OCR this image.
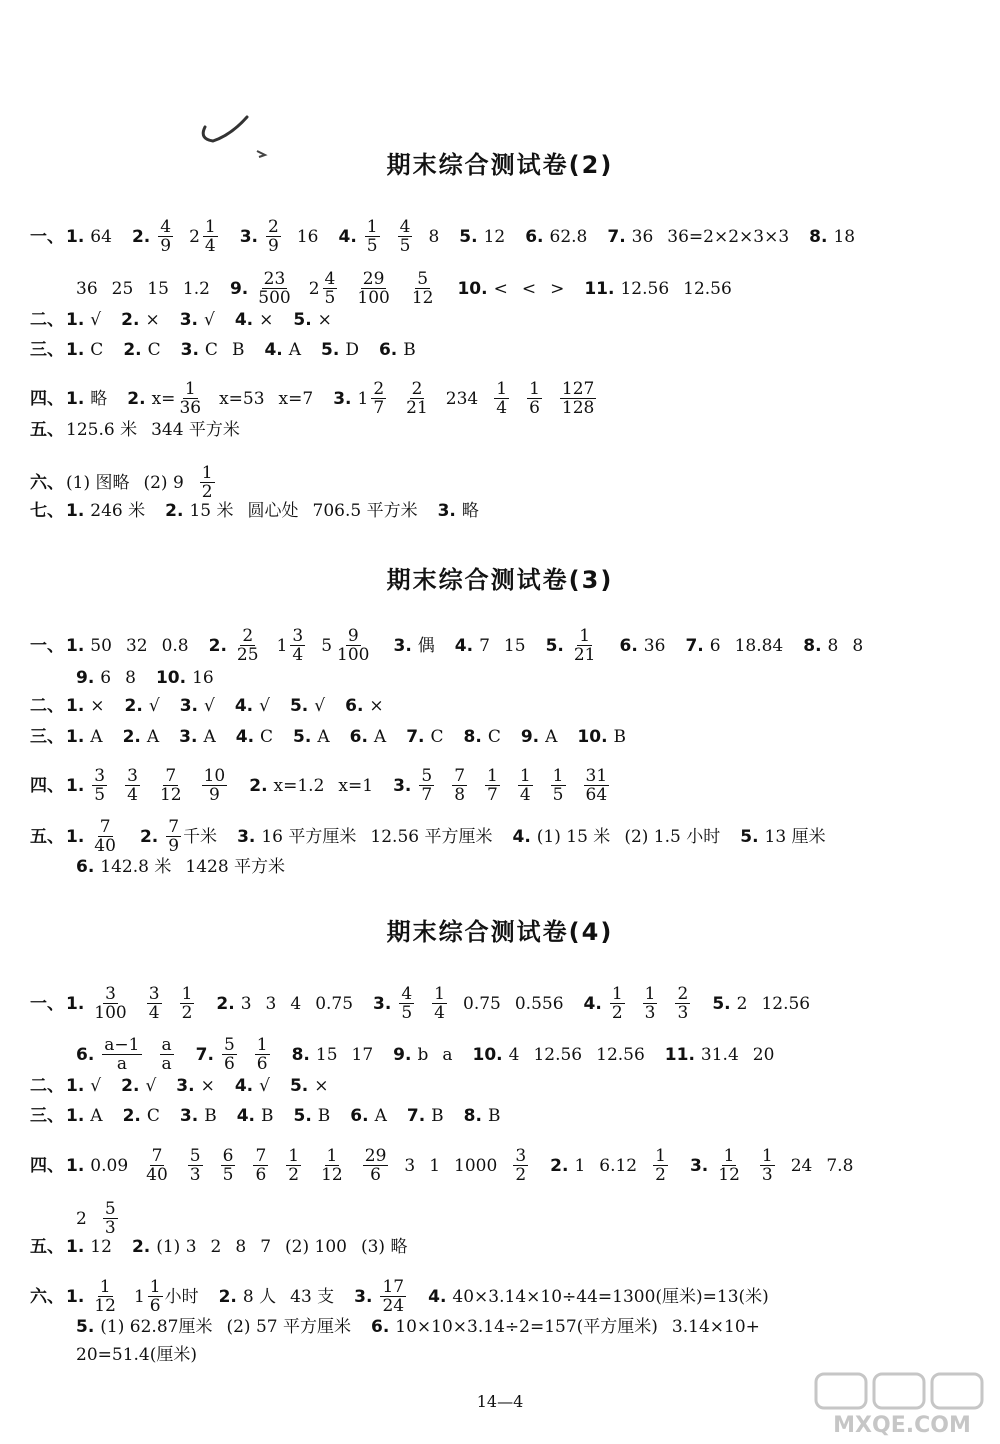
期末综合测试卷(2)
一、 1. 64 2. $\frac{4}{9} 2 \frac{1}{4} 3$. $\frac{2}{9} 16$ 4. $\frac{1}{5} \frac{4}{5} 8$ 5. 12 6. 62.8 7. 36 36=2×2×3×3 8. 18
36 25 15 1.2 9. $\frac{23}{500} 2 \frac{4}{5} \frac{29}{100} \frac{5}{12} 10$. < < > 11. 12.56 12.56
二、 1. √ 2. × 3. √ 4. × 5. ×
三、 1. C 2. C 3. C B 4. A 5. D 6. B
四、 1. 略 2. $x= \frac{1}{36} x=53$ x=7 3. $1 \frac{2}{7} \frac{2}{21} 234 \frac{1}{4} \frac{1}{6} \frac{127}{128}$
五、 125.6 米 344 平方米
六、 (1) 图略 (2) $9 \frac{1}{2}$
七、 1. 246 米 2. 15 米 圆心处 706.5 平方米 3. 略
期末综合测试卷(3)
一、 1. 50 32 0.8 2. $\frac{2}{25} 1 \frac{3}{4} 5 \frac{9}{100} 3$. 偶 4. 7 15 5. $\frac{1}{21} 6$. 36 7. 6 18.84 8. 8 8
9. 6 8 10. 16
二、 1. × 2. √ 3. √ 4. √ 5. √ 6. ×
三、 1. A 2. A 3. A 4. C 5. A 6. A 7. C 8. C 9. A 10. B
四、 1. $\frac{3}{5} \frac{3}{4} \frac{7}{12} \frac{10}{9} 2$. x=1.2 x=1 3. $\frac{5}{7} \frac{7}{8} \frac{1}{7} \frac{1}{4} \frac{1}{5} \frac{31}{64}$
五、 1. $\frac{7}{40} 2$. $\frac{7}{9}$ 千米 3. 16 平方厘米 12.56 平方厘米 4. (1) 15 米 (2) 1.5 小时 5. 13 厘米
6. 142.8 米 1428 平方米
期末综合测试卷(4)
一、 1. $\frac{3}{100} \frac{3}{4} \frac{1}{2} 2$. 3 3 4 0.75 3. $\frac{4}{5} \frac{1}{4} 0.75$ 0.556 4. $\frac{1}{2} \frac{1}{3} \frac{2}{3} 5$. 2 12.56
6. $\frac{a-1}{a} \frac{a}{a} 7$. $\frac{5}{6} \frac{1}{6} 8$. 15 17 9. b a 10. 4 12.56 12.56 11. 31.4 20
二、 1. √ 2. √ 3. × 4. √ 5. ×
三、 1. A 2. C 3. B 4. B 5. B 6. A 7. B 8. B
四、 1. $0.09 \frac{7}{40} \frac{5}{3} \frac{6}{5} \frac{7}{6} \frac{1}{2} \frac{1}{12} \frac{29}{6} 3$ 1 $1000 \frac{3}{2} 2$. 1 $6.12 \frac{1}{2} 3$. $\frac{1}{12} \frac{1}{3} 24$ 7.8
$2 \frac{5}{3}$
五、 1. 12 2. (1) 3 2 8 7 (2) 100 (3) 略
六、 1. $\frac{1}{12} 1 \frac{1}{6}$ 小时 2. 8 人 43 支 3. $\frac{17}{24} 4$. 40×3.14×10÷44=1300(厘米)=13(米)
5. (1) 62.87厘米 (2) 57 平方厘米 6. 10×10×3.14÷2=157(平方厘米) 3.14×10+
20=51.4(厘米)
14—4
MXQE.COM
